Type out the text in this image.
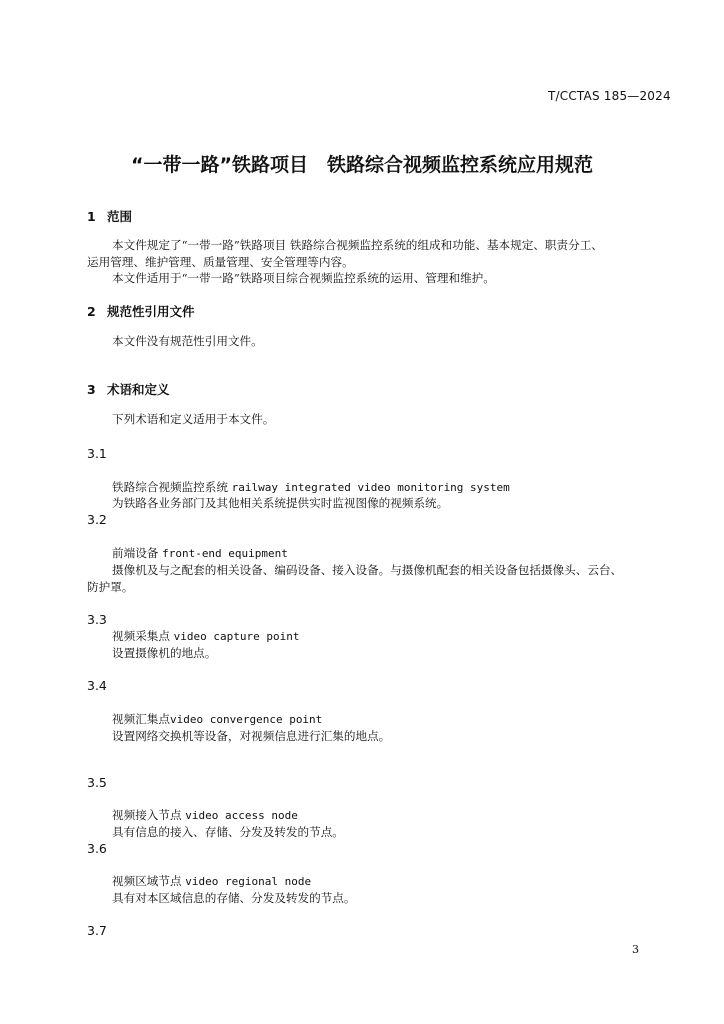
T/CCTAS 185—2024
“一带一路”铁路项目　铁路综合视频监控系统应用规范
1 范围
本文件规定了“一带一路”铁路项目 铁路综合视频监控系统的组成和功能、基本规定、职责分工、
运用管理、维护管理、质量管理、安全管理等内容。
本文件适用于“一带一路”铁路项目综合视频监控系统的运用、管理和维护。
2 规范性引用文件
本文件没有规范性引用文件。
3 术语和定义
下列术语和定义适用于本文件。
3.1
铁路综合视频监控系统 railway integrated video monitoring system
为铁路各业务部门及其他相关系统提供实时监视图像的视频系统。
3.2
前端设备 front-end equipment
摄像机及与之配套的相关设备、编码设备、接入设备。与摄像机配套的相关设备包括摄像头、云台、
防护罩。
3.3
视频采集点 video capture point
设置摄像机的地点。
3.4
视频汇集点video convergence point
设置网络交换机等设备，对视频信息进行汇集的地点。
3.5
视频接入节点 video access node
具有信息的接入、存储、分发及转发的节点。
3.6
视频区域节点 video regional node
具有对本区域信息的存储、分发及转发的节点。
3.7
3
